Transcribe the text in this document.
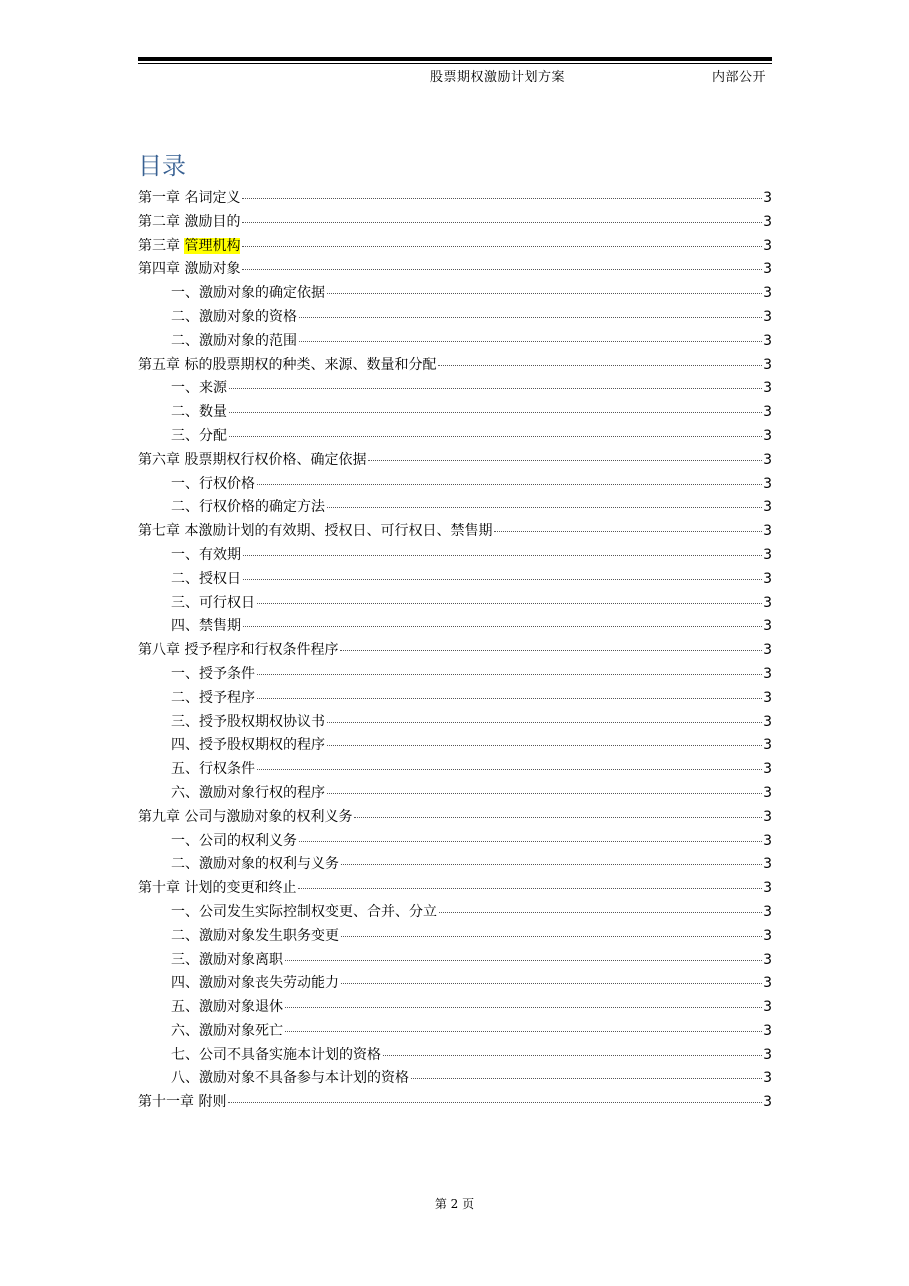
股票期权激励计划方案	内部公开
目录
第一章 名词定义	3
第二章 激励目的	3
第三章 管理机构	3
第四章 激励对象	3
一、激励对象的确定依据	3
二、激励对象的资格	3
二、激励对象的范围	3
第五章 标的股票期权的种类、来源、数量和分配	3
一、来源	3
二、数量	3
三、分配	3
第六章 股票期权行权价格、确定依据	3
一、行权价格	3
二、行权价格的确定方法	3
第七章 本激励计划的有效期、授权日、可行权日、禁售期	3
一、有效期	3
二、授权日	3
三、可行权日	3
四、禁售期	3
第八章 授予程序和行权条件程序	3
一、授予条件	3
二、授予程序	3
三、授予股权期权协议书	3
四、授予股权期权的程序	3
五、行权条件	3
六、激励对象行权的程序	3
第九章 公司与激励对象的权利义务	3
一、公司的权利义务	3
二、激励对象的权利与义务	3
第十章 计划的变更和终止	3
一、公司发生实际控制权变更、合并、分立	3
二、激励对象发生职务变更	3
三、激励对象离职	3
四、激励对象丧失劳动能力	3
五、激励对象退休	3
六、激励对象死亡	3
七、公司不具备实施本计划的资格	3
八、激励对象不具备参与本计划的资格	3
第十一章 附则	3
第 2 页
